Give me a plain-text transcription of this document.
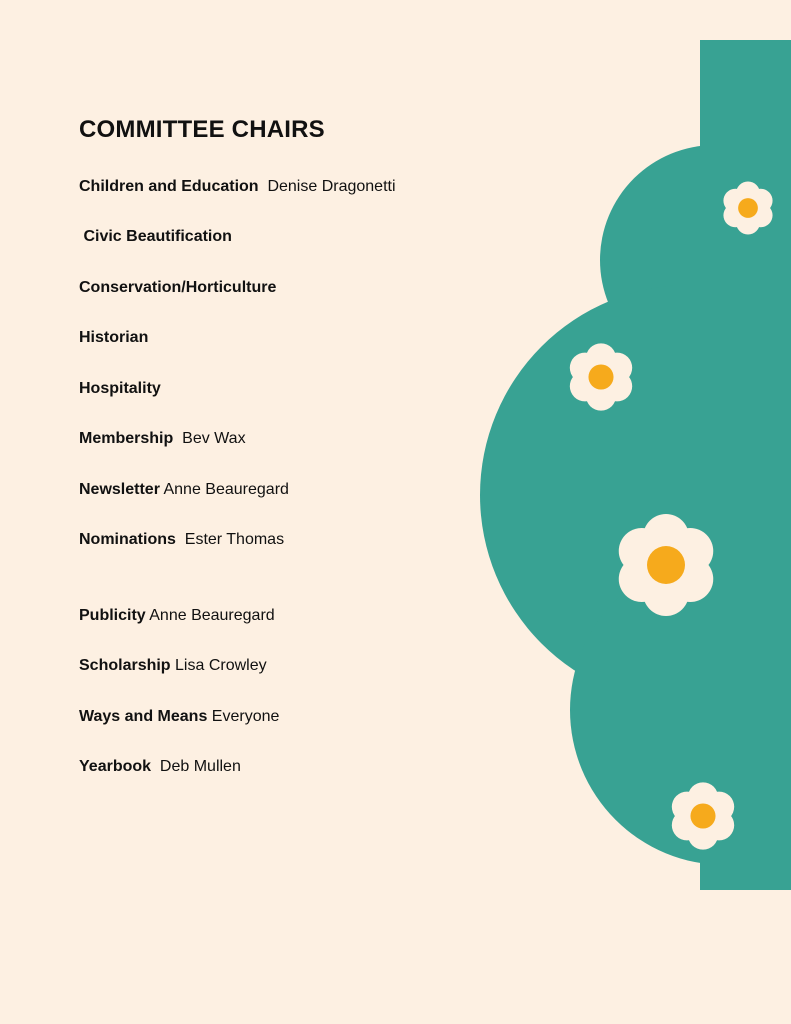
COMMITTEE CHAIRS
Children and Education Denise Dragonetti
Civic Beautification
Conservation/Horticulture
Historian
Hospitality
Membership Bev Wax
Newsletter Anne Beauregard
Nominations Ester Thomas
Publicity Anne Beauregard
Scholarship Lisa Crowley
Ways and Means Everyone
Yearbook Deb Mullen
